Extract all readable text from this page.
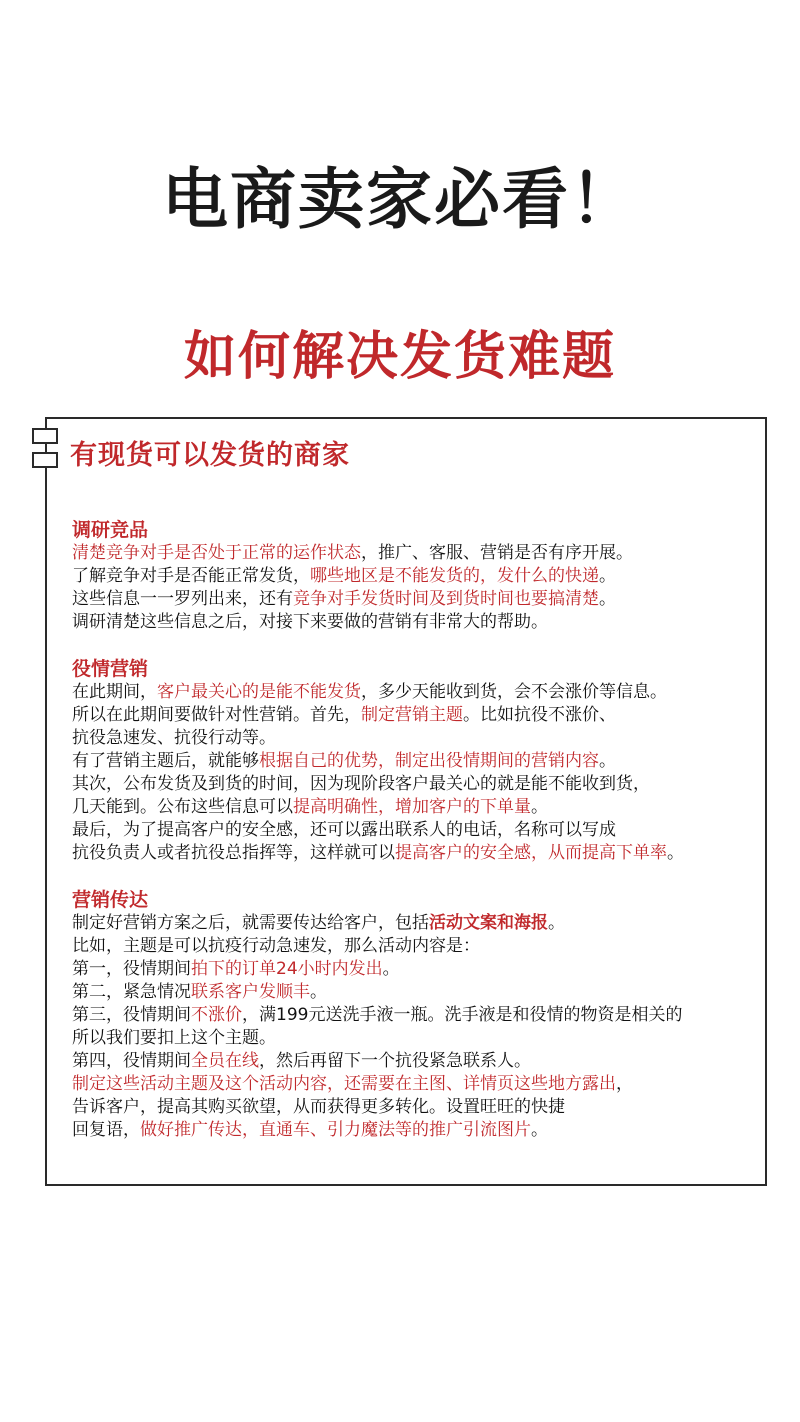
电商卖家必看！
如何解决发货难题
有现货可以发货的商家
调研竞品
清楚竞争对手是否处于正常的运作状态，推广、客服、营销是否有序开展。
了解竞争对手是否能正常发货，哪些地区是不能发货的，发什么的快递。
这些信息一一罗列出来，还有竞争对手发货时间及到货时间也要搞清楚。
调研清楚这些信息之后，对接下来要做的营销有非常大的帮助。
役情营销
在此期间，客户最关心的是能不能发货，多少天能收到货，会不会涨价等信息。
所以在此期间要做针对性营销。首先，制定营销主题。比如抗役不涨价、
抗役急速发、抗役行动等。
有了营销主题后，就能够根据自己的优势，制定出役情期间的营销内容。
其次，公布发货及到货的时间，因为现阶段客户最关心的就是能不能收到货，
几天能到。公布这些信息可以提高明确性，增加客户的下单量。
最后，为了提高客户的安全感，还可以露出联系人的电话，名称可以写成
抗役负责人或者抗役总指挥等，这样就可以提高客户的安全感，从而提高下单率。
营销传达
制定好营销方案之后，就需要传达给客户，包括活动文案和海报。
比如，主题是可以抗疫行动急速发，那么活动内容是：
第一，役情期间拍下的订单24小时内发出。
第二，紧急情况联系客户发顺丰。
第三，役情期间不涨价，满199元送洗手液一瓶。洗手液是和役情的物资是相关的
所以我们要扣上这个主题。
第四，役情期间全员在线，然后再留下一个抗役紧急联系人。
制定这些活动主题及这个活动内容，还需要在主图、详情页这些地方露出，
告诉客户，提高其购买欲望，从而获得更多转化。设置旺旺的快捷
回复语，做好推广传达，直通车、引力魔法等的推广引流图片。
